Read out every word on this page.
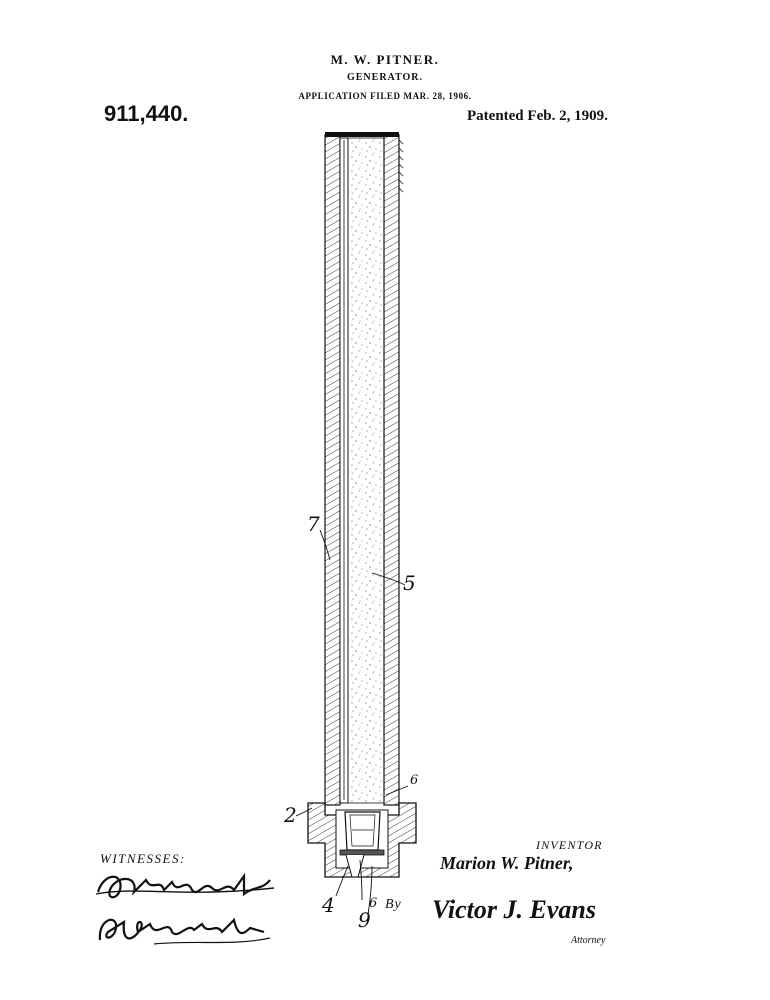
M. W. PITNER.
GENERATOR.
APPLICATION FILED MAR. 28, 1906.
911,440.	Patented Feb. 2, 1909.
7
5
6
2
4	6
9
WITNESSES:
INVENTOR
Marion W. Pitner,
By Victor J. Evans
Attorney
